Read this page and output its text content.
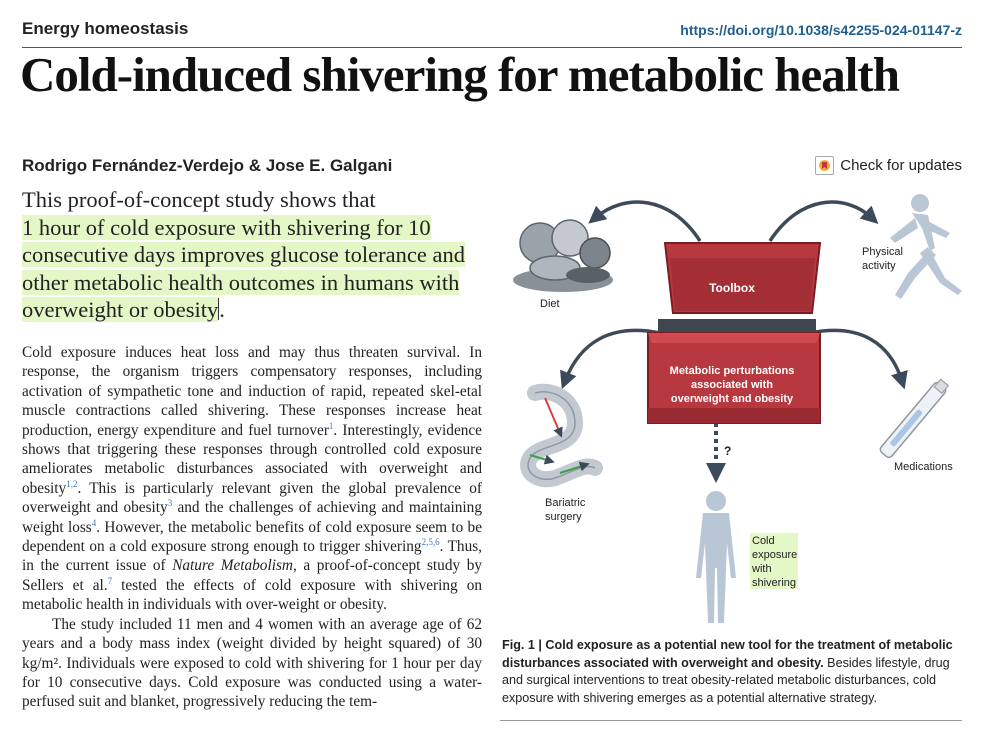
Energy homeostasis	https://doi.org/10.1038/s42255-024-01147-z
Cold-induced shivering for metabolic health
Rodrigo Fernández-Verdejo & Jose E. Galgani	Check for updates
This proof-of-concept study shows that
1 hour of cold exposure with shivering for 10 consecutive days improves glucose tolerance and other metabolic health outcomes in humans with overweight or obesity.

Cold exposure induces heat loss and may thus threaten survival. In response, the organism triggers compensatory responses, including activation of sympathetic tone and induction of rapid, repeated skel-etal muscle contractions called shivering. These responses increase heat production, energy expenditure and fuel turnover$^1$. Interestingly, evidence shows that triggering these responses through controlled cold exposure ameliorates metabolic disturbances associated with overweight and obesity$^{1,2}$. This is particularly relevant given the global prevalence of overweight and obesity$^3$ and the challenges of achieving and maintaining weight loss$^4$. However, the metabolic benefits of cold exposure seem to be dependent on a cold exposure strong enough to trigger shivering$^{2,5,6}$. Thus, in the current issue of Nature Metabolism, a proof-of-concept study by Sellers et al.$^7$ tested the effects of cold exposure with shivering on metabolic health in individuals with over-weight or obesity.

The study included 11 men and 4 women with an average age of 62 years and a body mass index (weight divided by height squared) of 30 kg/m². Individuals were exposed to cold with shivering for 1 hour per day for 10 consecutive days. Cold exposure was conducted using a water-perfused suit and blanket, progressively reducing the tem-

?
Toolbox
Metabolic perturbations
associated with
overweight and obesity
Diet
Physical
activity
Bariatric
surgery
Medications
Cold
exposure
with
shivering
Fig. 1 | Cold exposure as a potential new tool for the treatment of metabolic disturbances associated with overweight and obesity. Besides lifestyle, drug and surgical interventions to treat obesity-related metabolic disturbances, cold exposure with shivering emerges as a potential alternative strategy.
